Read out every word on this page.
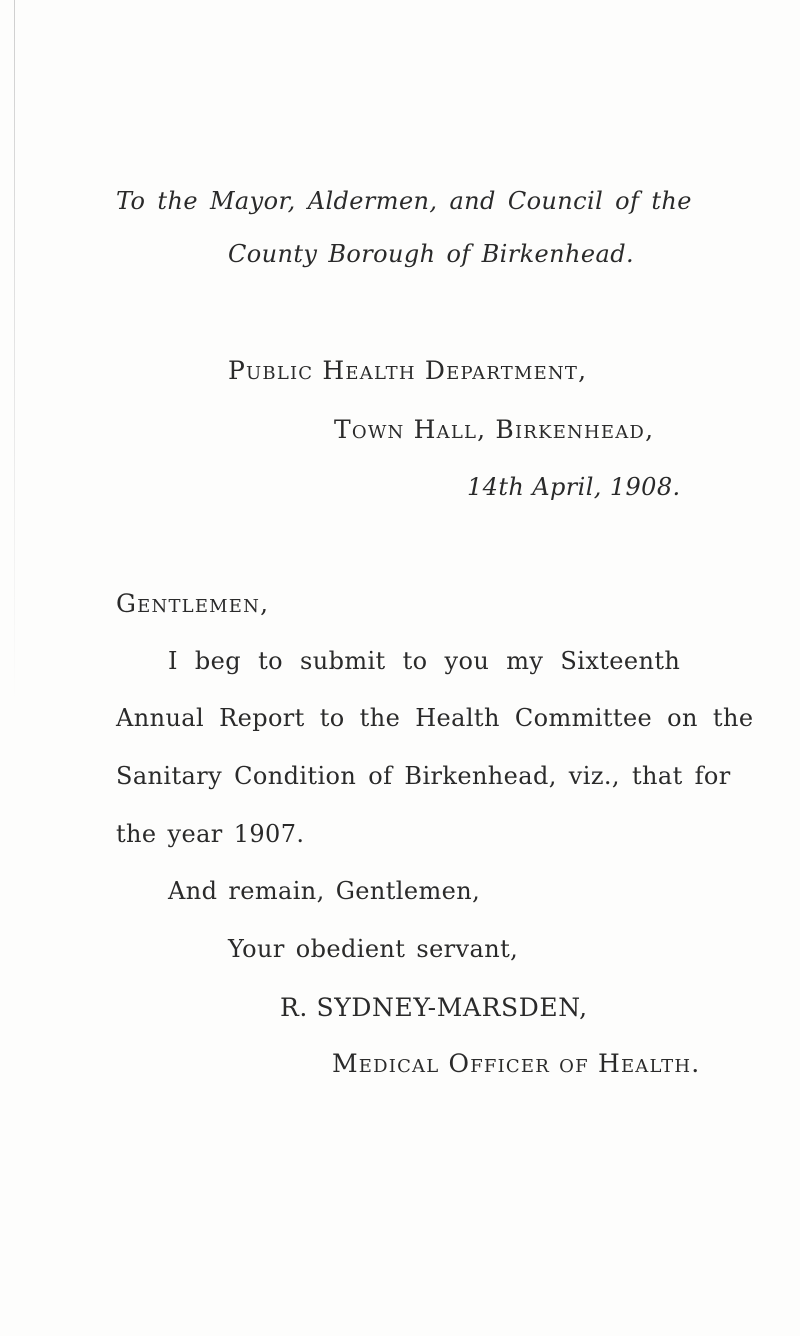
To the Mayor, Aldermen, and Council of the
County Borough of Birkenhead.
Public Health Department,
Town Hall, Birkenhead,
14th April, 1908.
Gentlemen,
I beg to submit to you my Sixteenth
Annual Report to the Health Committee on the
Sanitary Condition of Birkenhead, viz., that for
the year 1907.
And remain, Gentlemen,
Your obedient servant,
R. SYDNEY-MARSDEN,
Medical Officer of Health.
